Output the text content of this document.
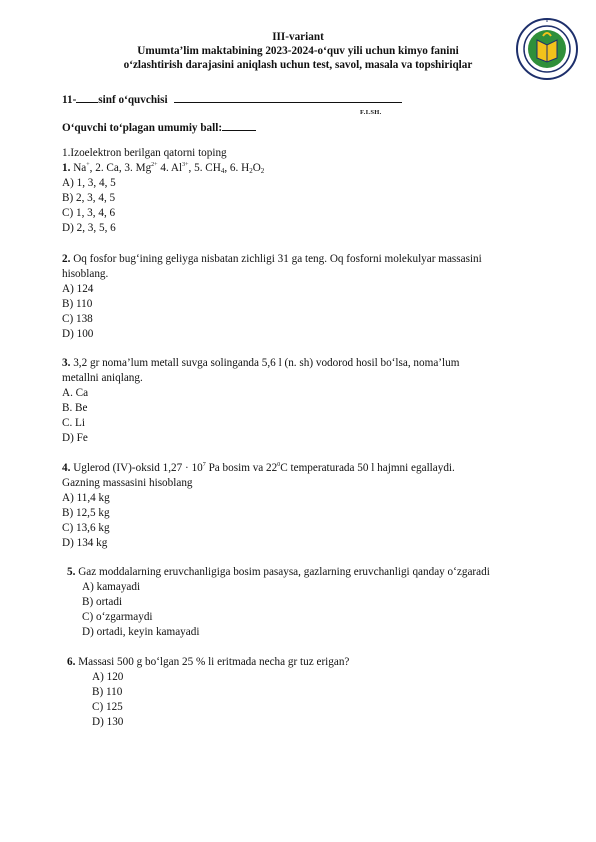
III-variant
Umumta’lim maktabining 2023-2024-o‘quv yili uchun kimyo fanini
o‘zlashtirish darajasini aniqlash uchun test, savol, masala va topshiriqlar
11- sinf o‘quvchisi
F.I.SH.
O‘quvchi to‘plagan umumiy ball:
1.Izoelektron berilgan qatorni toping
1. Na+, 2. Ca, 3. $Mg^{2+}$ 4. $Al^{3+}$, 5. $CH_4$, 6. $H_2O_2$
A) 1, 3, 4, 5
B) 2, 3, 4, 5
C) 1, 3, 4, 6
D) 2, 3, 5, 6
2. Oq fosfor bug‘ining geliyga nisbatan zichligi 31 ga teng. Oq fosforni molekulyar massasini
hisoblang.
A) 124
B) 110
C) 138
D) 100
3. 3,2 gr noma’lum metall suvga solinganda 5,6 l (n. sh) vodorod hosil bo‘lsa, noma’lum
metallni aniqlang.
A. Ca
B. Be
C. Li
D) Fe
4. Uglerod (IV)-oksid $1,27 \cdot 10^7$ Pa bosim va $22^0C$ temperaturada 50 l hajmni egallaydi.
Gazning massasini hisoblang
A) 11,4 kg
B) 12,5 kg
C) 13,6 kg
D) 134 kg
5. Gaz moddalarning eruvchanligiga bosim pasaysa, gazlarning eruvchanligi qanday o‘zgaradi
A) kamayadi
B) ortadi
C) o‘zgarmaydi
D) ortadi, keyin kamayadi
6. Massasi 500 g bo‘lgan 25 % li eritmada necha gr tuz erigan?
A) 120
B) 110
C) 125
D) 130
